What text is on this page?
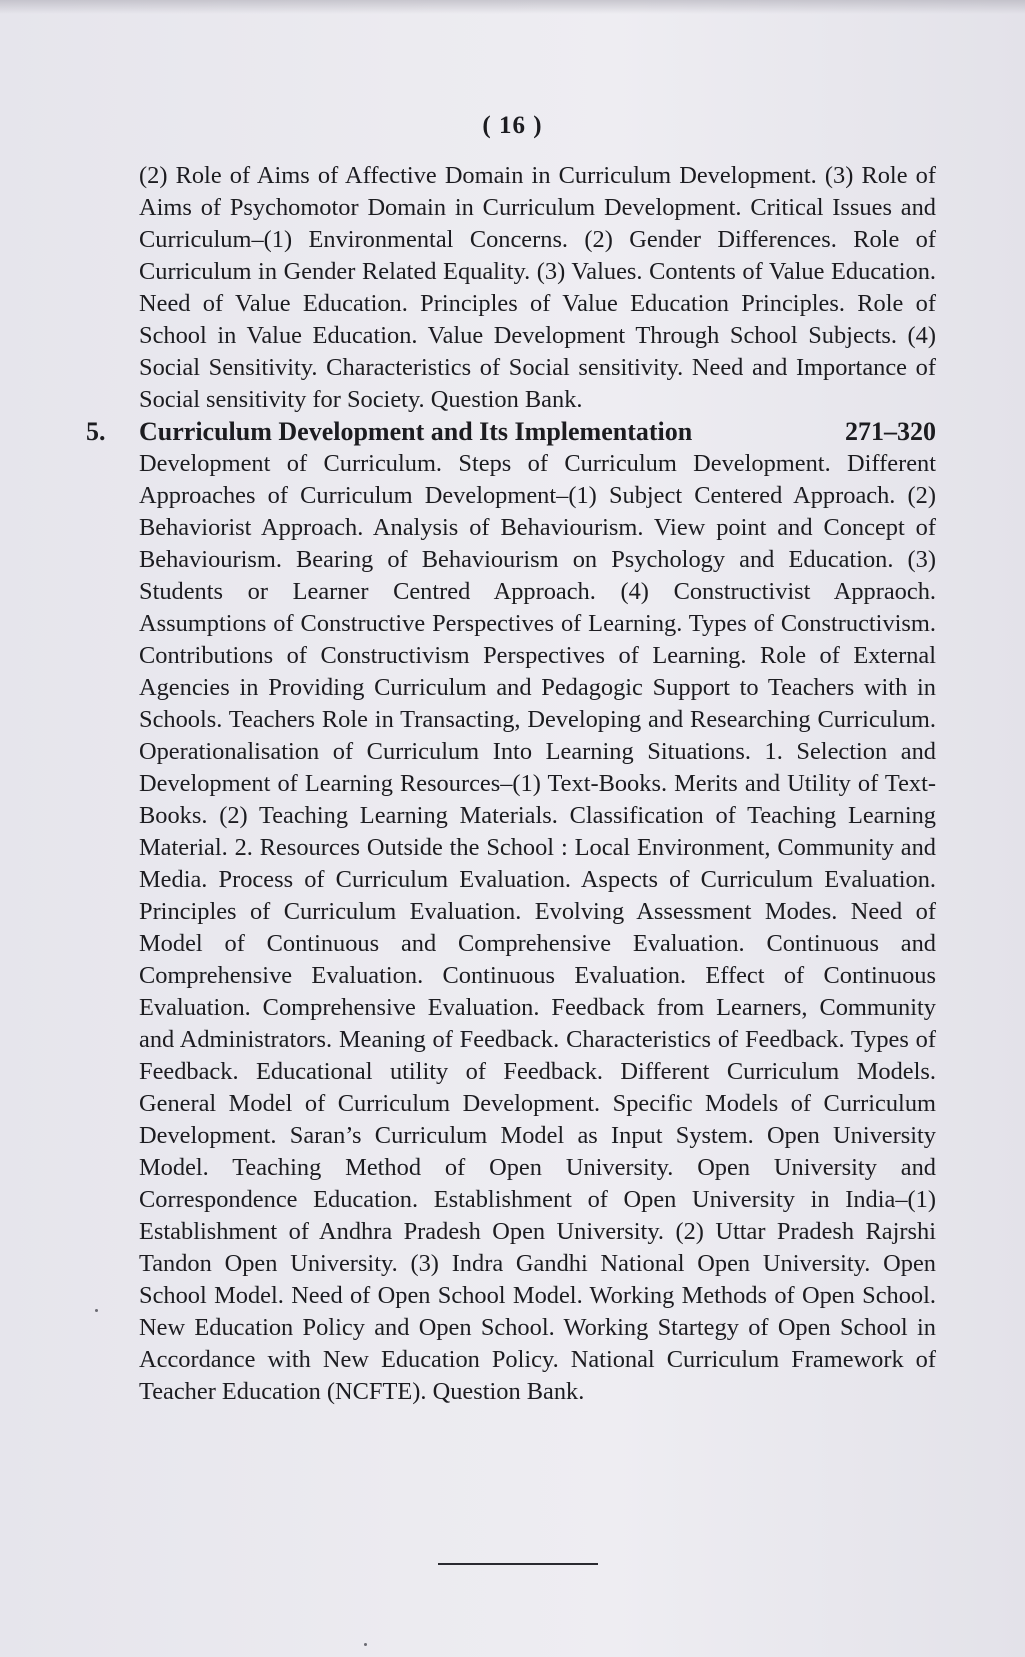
( 16 )
(2) Role of Aims of Affective Domain in Curriculum Development. (3) Role of Aims of Psychomotor Domain in Curriculum Development. Critical Issues and Curriculum–(1) Environmental Concerns. (2) Gender Differences. Role of Curriculum in Gender Related Equality. (3) Values. Contents of Value Education. Need of Value Education. Principles of Value Education Principles. Role of School in Value Education. Value Development Through School Subjects. (4) Social Sensitivity. Characteristics of Social sensitivity. Need and Importance of Social sensitivity for Society. Question Bank.
5. Curriculum Development and Its Implementation	271–320
Development of Curriculum. Steps of Curriculum Development. Different Approaches of Curriculum Development–(1) Subject Centered Approach. (2) Behaviorist Approach. Analysis of Behaviourism. View point and Concept of Behaviourism. Bearing of Behaviourism on Psychology and Education. (3) Students or Learner Centred Approach. (4) Constructivist Appraoch. Assumptions of Constructive Perspectives of Learning. Types of Constructivism. Contributions of Constructivism Perspectives of Learning. Role of External Agencies in Providing Curriculum and Pedagogic Support to Teachers with in Schools. Teachers Role in Transacting, Developing and Researching Curriculum. Operationalisation of Curriculum Into Learning Situations. 1. Selection and Development of Learning Resources–(1) Text-Books. Merits and Utility of Text-Books. (2) Teaching Learning Materials. Classification of Teaching Learning Material. 2. Resources Outside the School : Local Environment, Community and Media. Process of Curriculum Evaluation. Aspects of Curriculum Evaluation. Principles of Curriculum Evaluation. Evolving Assessment Modes. Need of Model of Continuous and Comprehensive Evaluation. Continuous and Comprehensive Evaluation. Continuous Evaluation. Effect of Continuous Evaluation. Comprehensive Evaluation. Feedback from Learners, Community and Administrators. Meaning of Feedback. Characteristics of Feedback. Types of Feedback. Educational utility of Feedback. Different Curriculum Models. General Model of Curriculum Development. Specific Models of Curriculum Development. Saran’s Curriculum Model as Input System. Open University Model. Teaching Method of Open University. Open University and Correspondence Education. Establishment of Open University in India–(1) Establishment of Andhra Pradesh Open University. (2) Uttar Pradesh Rajrshi Tandon Open University. (3) Indra Gandhi National Open University. Open School Model. Need of Open School Model. Working Methods of Open School. New Education Policy and Open School. Working Startegy of Open School in Accordance with New Education Policy. National Curriculum Framework of Teacher Education (NCFTE). Question Bank.
